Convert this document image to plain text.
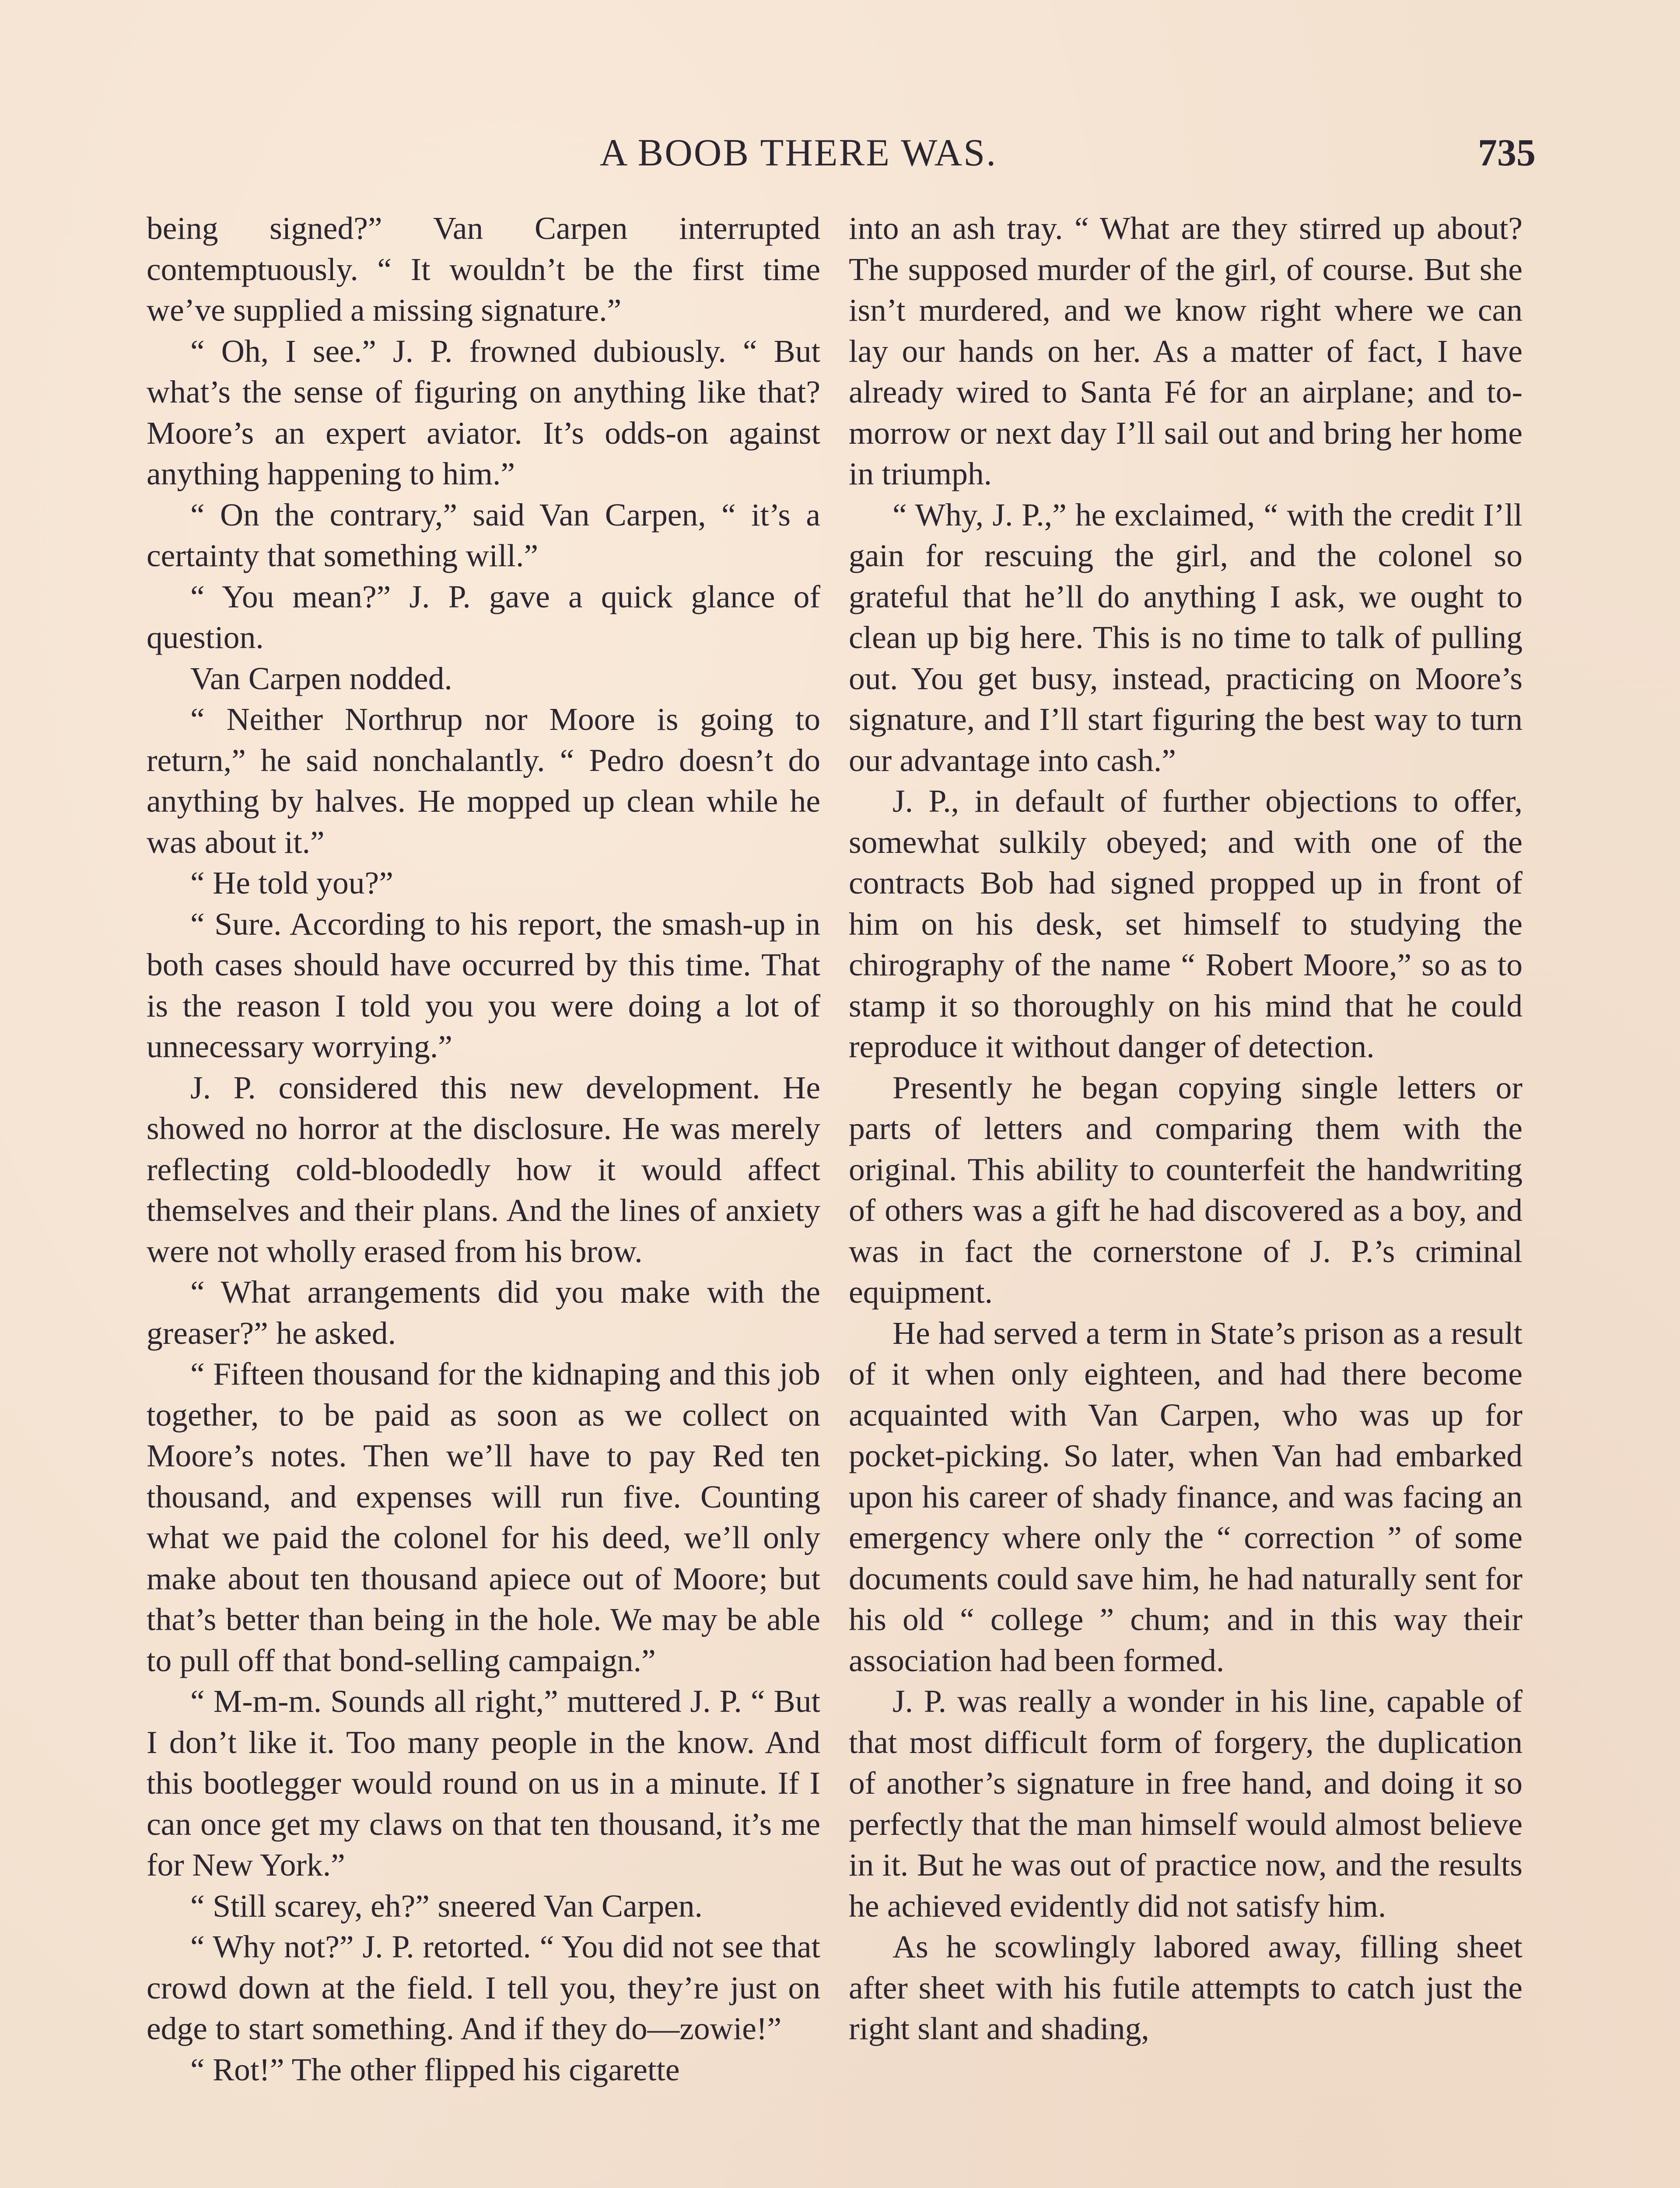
A BOOB THERE WAS.	735

being signed?” Van Carpen interrupted contemptuously. “ It wouldn’t be the first time we’ve supplied a missing signature.”

“ Oh, I see.” J. P. frowned dubiously. “ But what’s the sense of figuring on anything like that? Moore’s an expert aviator. It’s odds-on against anything happening to him.”

“ On the contrary,” said Van Carpen, “ it’s a certainty that something will.”

“ You mean?” J. P. gave a quick glance of question.

Van Carpen nodded.

“ Neither Northrup nor Moore is going to return,” he said nonchalantly. “ Pedro doesn’t do anything by halves. He mopped up clean while he was about it.”

“ He told you?”

“ Sure. According to his report, the smash-up in both cases should have occurred by this time. That is the reason I told you you were doing a lot of unnecessary worrying.”

J. P. considered this new development. He showed no horror at the disclosure. He was merely reflecting cold-bloodedly how it would affect themselves and their plans. And the lines of anxiety were not wholly erased from his brow.

“ What arrangements did you make with the greaser?” he asked.

“ Fifteen thousand for the kidnaping and this job together, to be paid as soon as we collect on Moore’s notes. Then we’ll have to pay Red ten thousand, and expenses will run five. Counting what we paid the colonel for his deed, we’ll only make about ten thousand apiece out of Moore; but that’s better than being in the hole. We may be able to pull off that bond-selling campaign.”

“ M-m-m. Sounds all right,” muttered J. P. “ But I don’t like it. Too many people in the know. And this bootlegger would round on us in a minute. If I can once get my claws on that ten thousand, it’s me for New York.”

“ Still scarey, eh?” sneered Van Carpen.

“ Why not?” J. P. retorted. “ You did not see that crowd down at the field. I tell you, they’re just on edge to start something. And if they do—zowie!”

“ Rot!” The other flipped his cigarette

into an ash tray. “ What are they stirred up about? The supposed murder of the girl, of course. But she isn’t murdered, and we know right where we can lay our hands on her. As a matter of fact, I have already wired to Santa Fé for an airplane; and to-morrow or next day I’ll sail out and bring her home in triumph.

“ Why, J. P.,” he exclaimed, “ with the credit I’ll gain for rescuing the girl, and the colonel so grateful that he’ll do anything I ask, we ought to clean up big here. This is no time to talk of pulling out. You get busy, instead, practicing on Moore’s signature, and I’ll start figuring the best way to turn our advantage into cash.”

J. P., in default of further objections to offer, somewhat sulkily obeyed; and with one of the contracts Bob had signed propped up in front of him on his desk, set himself to studying the chirography of the name “ Robert Moore,” so as to stamp it so thoroughly on his mind that he could reproduce it without danger of detection.

Presently he began copying single letters or parts of letters and comparing them with the original. This ability to counterfeit the handwriting of others was a gift he had discovered as a boy, and was in fact the cornerstone of J. P.’s criminal equipment.

He had served a term in State’s prison as a result of it when only eighteen, and had there become acquainted with Van Carpen, who was up for pocket-picking. So later, when Van had embarked upon his career of shady finance, and was facing an emergency where only the “ correction ” of some documents could save him, he had naturally sent for his old “ college ” chum; and in this way their association had been formed.

J. P. was really a wonder in his line, capable of that most difficult form of forgery, the duplication of another’s signature in free hand, and doing it so perfectly that the man himself would almost believe in it. But he was out of practice now, and the results he achieved evidently did not satisfy him.

As he scowlingly labored away, filling sheet after sheet with his futile attempts to catch just the right slant and shading,
